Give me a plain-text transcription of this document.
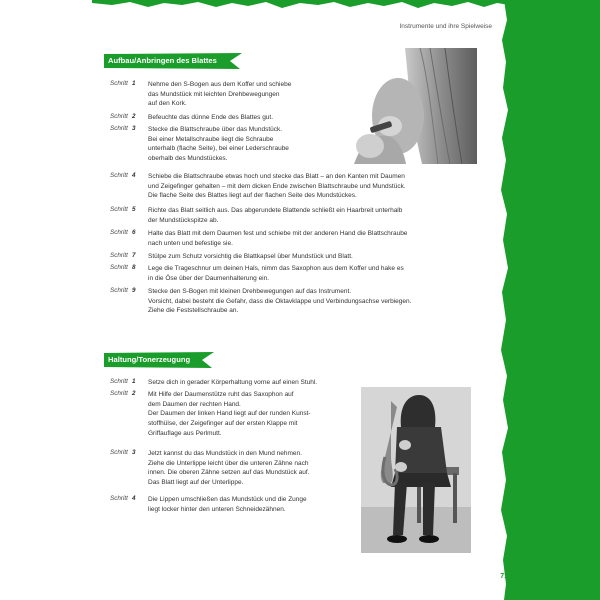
Instrumente und ihre Spielweise
Aufbau/Anbringen des Blattes
Schritt 1 Nehme den S-Bogen aus dem Koffer und schiebe
das Mundstück mit leichten Drehbewegungen
auf den Kork.
Schritt 2 Befeuchte das dünne Ende des Blattes gut.
Schritt 3 Stecke die Blattschraube über das Mundstück.
Bei einer Metallschraube liegt die Schraube
unterhalb (flache Seite), bei einer Lederschraube
oberhalb des Mundstückes.
Schritt 4 Schiebe die Blattschraube etwas hoch und stecke das Blatt – an den Kanten mit Daumen
und Zeigefinger gehalten – mit dem dicken Ende zwischen Blattschraube und Mundstück.
Die flache Seite des Blattes liegt auf der flachen Seite des Mundstückes.
Schritt 5 Richte das Blatt seitlich aus. Das abgerundete Blattende schließt ein Haarbreit unterhalb
der Mundstückspitze ab.
Schritt 6 Halte das Blatt mit dem Daumen fest und schiebe mit der anderen Hand die Blattschraube
nach unten und befestige sie.
Schritt 7 Stülpe zum Schutz vorsichtig die Blattkapsel über Mundstück und Blatt.
Schritt 8 Lege die Trageschnur um deinen Hals, nimm das Saxophon aus dem Koffer und hake es
in die Öse über der Daumenhalterung ein.
Schritt 9 Stecke den S-Bogen mit kleinen Drehbewegungen auf das Instrument.
Vorsicht, dabei besteht die Gefahr, dass die Oktavklappe und Verbindungsachse verbiegen.
Ziehe die Feststellschraube an.
Haltung/Tonerzeugung
Schritt 1 Setze dich in gerader Körperhaltung vorne auf einen Stuhl.
Schritt 2 Mit Hilfe der Daumenstütze ruht das Saxophon auf
dem Daumen der rechten Hand.
Der Daumen der linken Hand liegt auf der runden Kunst-
stoffhülse, der Zeigefinger auf der ersten Klappe mit
Griffauflage aus Perlmutt.
Schritt 3 Jetzt kannst du das Mundstück in den Mund nehmen.
Ziehe die Unterlippe leicht über die unteren Zähne nach
innen. Die oberen Zähne setzen auf das Mundstück auf.
Das Blatt liegt auf der Unterlippe.
Schritt 4 Die Lippen umschließen das Mundstück und die Zunge
liegt locker hinter den unteren Schneidezähnen.
71
